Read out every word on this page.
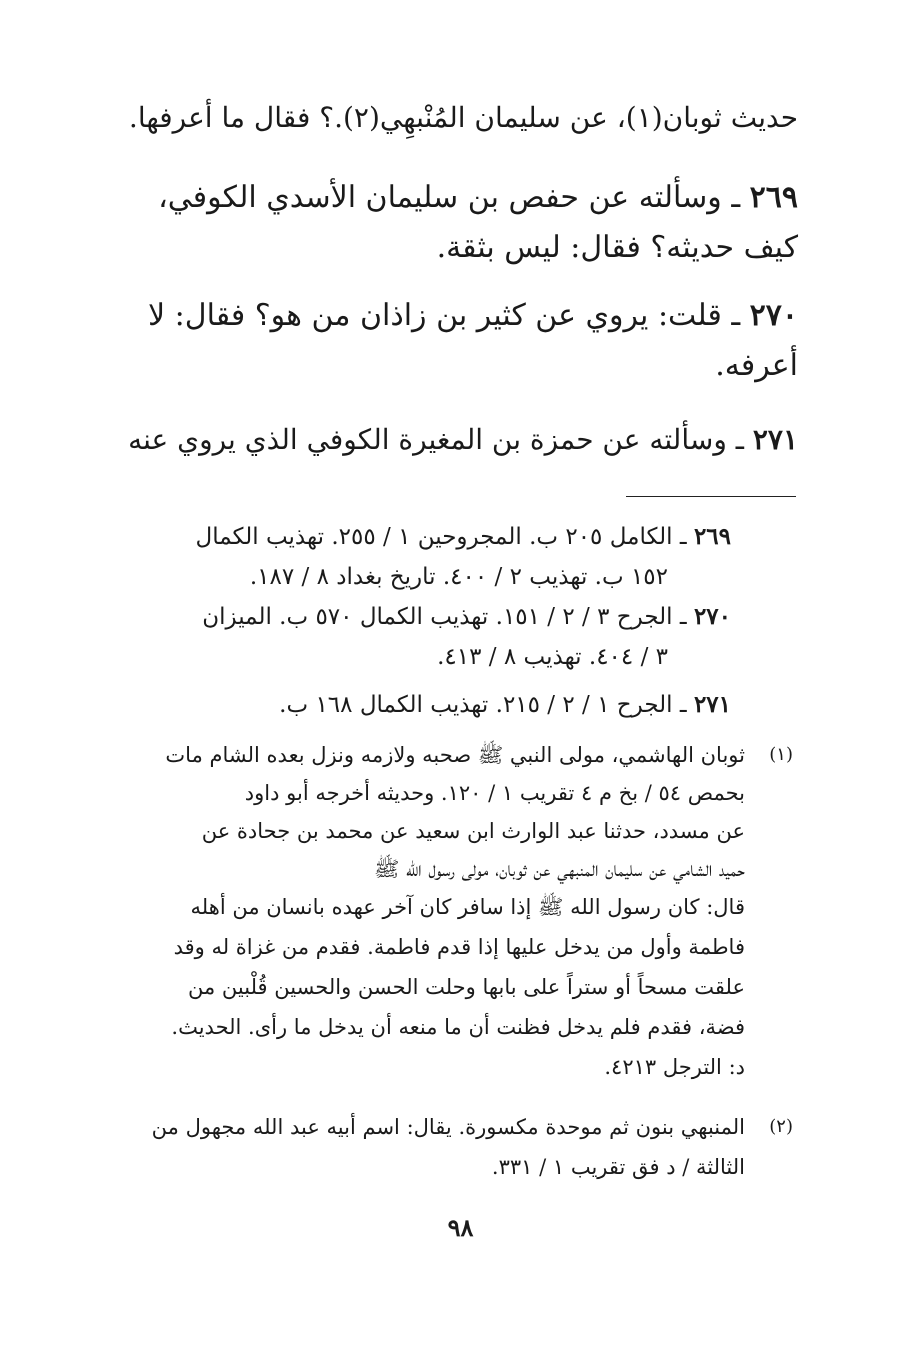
حديث ثوبان(١)، عن سليمان المُنْبهِي(٢).؟ فقال ما أعرفها.
٢٦٩ ـ وسألته عن حفص بن سليمان الأسدي الكوفي،
كيف حديثه؟ فقال: ليس بثقة.
٢٧٠ ـ قلت: يروي عن كثير بن زاذان من هو؟ فقال: لا
أعرفه.
٢٧١ ـ وسألته عن حمزة بن المغيرة الكوفي الذي يروي عنه
٢٦٩ ـ الكامل ٢٠٥ ب. المجروحين ١ / ٢٥٥. تهذيب الكمال
١٥٢ ب. تهذيب ٢ / ٤٠٠. تاريخ بغداد ٨ / ١٨٧.
٢٧٠ ـ الجرح ٣ / ٢ / ١٥١. تهذيب الكمال ٥٧٠ ب. الميزان
٣ / ٤٠٤. تهذيب ٨ / ٤١٣.
٢٧١ ـ الجرح ١ / ٢ / ٢١٥. تهذيب الكمال ١٦٨ ب.
(١)
ثوبان الهاشمي، مولى النبي ﷺ صحبه ولازمه ونزل بعده الشام مات
بحمص ٥٤ / بخ م ٤ تقريب ١ / ١٢٠. وحديثه أخرجه أبو داود
عن مسدد، حدثنا عبد الوارث ابن سعيد عن محمد بن جحادة عن
حميد الشامي عن سليمان المنبهي عن ثوبان، مولى رسول الله ﷺ
قال: كان رسول الله ﷺ إذا سافر كان آخر عهده بانسان من أهله
فاطمة وأول من يدخل عليها إذا قدم فاطمة. فقدم من غزاة له وقد
علقت مسحاً أو ستراً على بابها وحلت الحسن والحسين قُلْبين من
فضة، فقدم فلم يدخل فظنت أن ما منعه أن يدخل ما رأى. الحديث.
د: الترجل ٤٢١٣.
(٢)
المنبهي بنون ثم موحدة مكسورة. يقال: اسم أبيه عبد الله مجهول من
الثالثة / د فق تقريب ١ / ٣٣١.
٩٨
